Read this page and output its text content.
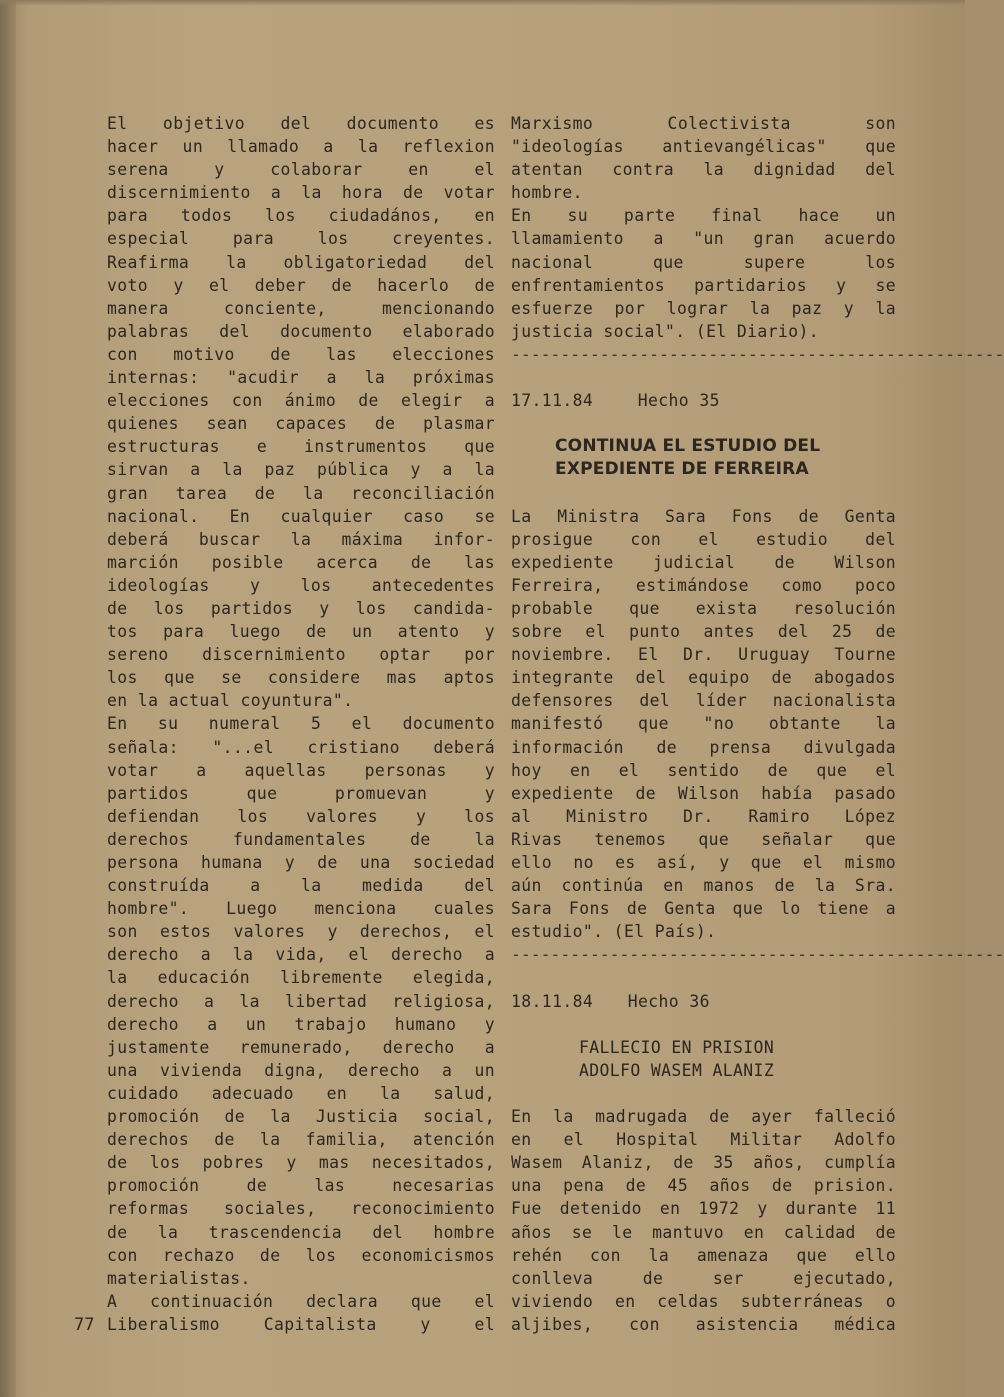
El objetivo del documento es
hacer un llamado a la reflexion
serena y colaborar en el
discernimiento a la hora de votar
para todos los ciudadános, en
especial para los creyentes.
Reafirma la obligatoriedad del
voto y el deber de hacerlo de
manera conciente, mencionando
palabras del documento elaborado
con motivo de las elecciones
internas: "acudir a la próximas
elecciones con ánimo de elegir a
quienes sean capaces de plasmar
estructuras e instrumentos que
sirvan a la paz pública y a la
gran tarea de la reconciliación
nacional. En cualquier caso se
deberá buscar la máxima infor-
marción posible acerca de las
ideologías y los antecedentes
de los partidos y los candida-
tos para luego de un atento y
sereno discernimiento optar por
los que se considere mas aptos
en la actual coyuntura".
En su numeral 5 el documento
señala: "...el cristiano deberá
votar a aquellas personas y
partidos que promuevan y
defiendan los valores y los
derechos fundamentales de la
persona humana y de una sociedad
construída a la medida del
hombre". Luego menciona cuales
son estos valores y derechos, el
derecho a la vida, el derecho a
la educación libremente elegida,
derecho a la libertad religiosa,
derecho a un trabajo humano y
justamente remunerado, derecho a
una vivienda digna, derecho a un
cuidado adecuado en la salud,
promoción de la Justicia social,
derechos de la familia, atención
de los pobres y mas necesitados,
promoción de las necesarias
reformas sociales, reconocimiento
de la trascendencia del hombre
con rechazo de los economicismos
materialistas.
A continuación declara que el
Liberalismo Capitalista y el
Marxismo Colectivista son
"ideologías antievangélicas" que
atentan contra la dignidad del
hombre.
En su parte final hace un
llamamiento a "un gran acuerdo
nacional que supere los
enfrentamientos partidarios y se
esfuerze por lograr la paz y la
justicia social". (El Diario).
--------------------------------------------------
17.11.84	Hecho 35
CONTINUA EL ESTUDIO DEL
EXPEDIENTE DE FERREIRA
La Ministra Sara Fons de Genta
prosigue con el estudio del
expediente judicial de Wilson
Ferreira, estimándose como poco
probable que exista resolución
sobre el punto antes del 25 de
noviembre. El Dr. Uruguay Tourne
integrante del equipo de abogados
defensores del líder nacionalista
manifestó que "no obtante la
información de prensa divulgada
hoy en el sentido de que el
expediente de Wilson había pasado
al Ministro Dr. Ramiro López
Rivas tenemos que señalar que
ello no es así, y que el mismo
aún continúa en manos de la Sra.
Sara Fons de Genta que lo tiene a
estudio". (El País).
--------------------------------------------------
18.11.84 Hecho 36
FALLECIO EN PRISION
ADOLFO WASEM ALANIZ
En la madrugada de ayer falleció
en el Hospital Militar Adolfo
Wasem Alaniz, de 35 años, cumplía
una pena de 45 años de prision.
Fue detenido en 1972 y durante 11
años se le mantuvo en calidad de
rehén con la amenaza que ello
conlleva de ser ejecutado,
viviendo en celdas subterráneas o
aljibes, con asistencia médica
77
